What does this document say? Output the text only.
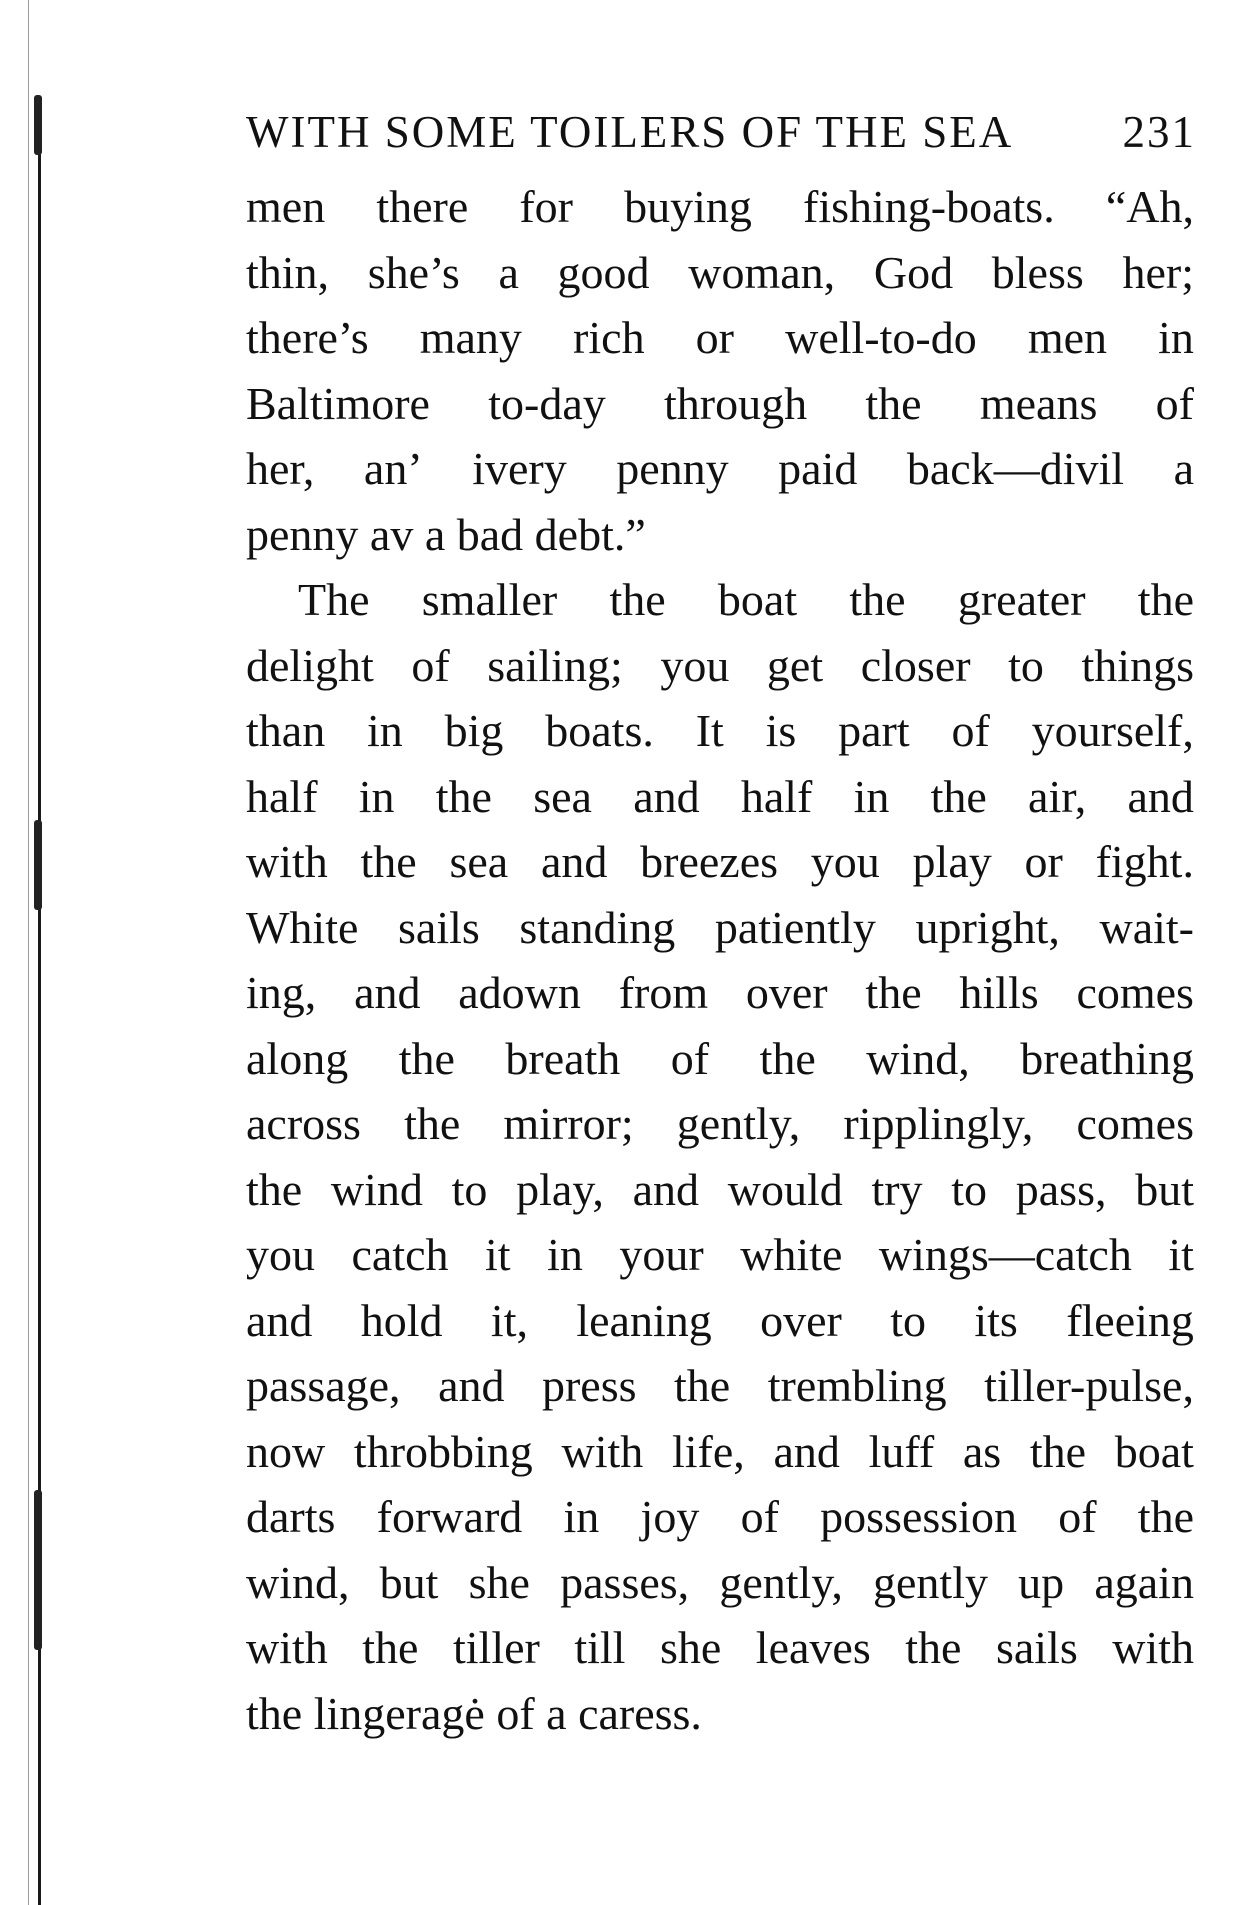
WITH SOME TOILERS OF THE SEA 231
men there for buying fishing-boats. “Ah,
thin, she’s a good woman, God bless her;
there’s many rich or well-to-do men in
Baltimore to-day through the means of
her, an’ ivery penny paid back—divil a
penny av a bad debt.”
The smaller the boat the greater the
delight of sailing; you get closer to things
than in big boats. It is part of yourself,
half in the sea and half in the air, and
with the sea and breezes you play or fight.
White sails standing patiently upright, wait-
ing, and adown from over the hills comes
along the breath of the wind, breathing
across the mirror; gently, ripplingly, comes
the wind to play, and would try to pass, but
you catch it in your white wings—catch it
and hold it, leaning over to its fleeing
passage, and press the trembling tiller-pulse,
now throbbing with life, and luff as the boat
darts forward in joy of possession of the
wind, but she passes, gently, gently up again
with the tiller till she leaves the sails with
the lingeragė of a caress.
